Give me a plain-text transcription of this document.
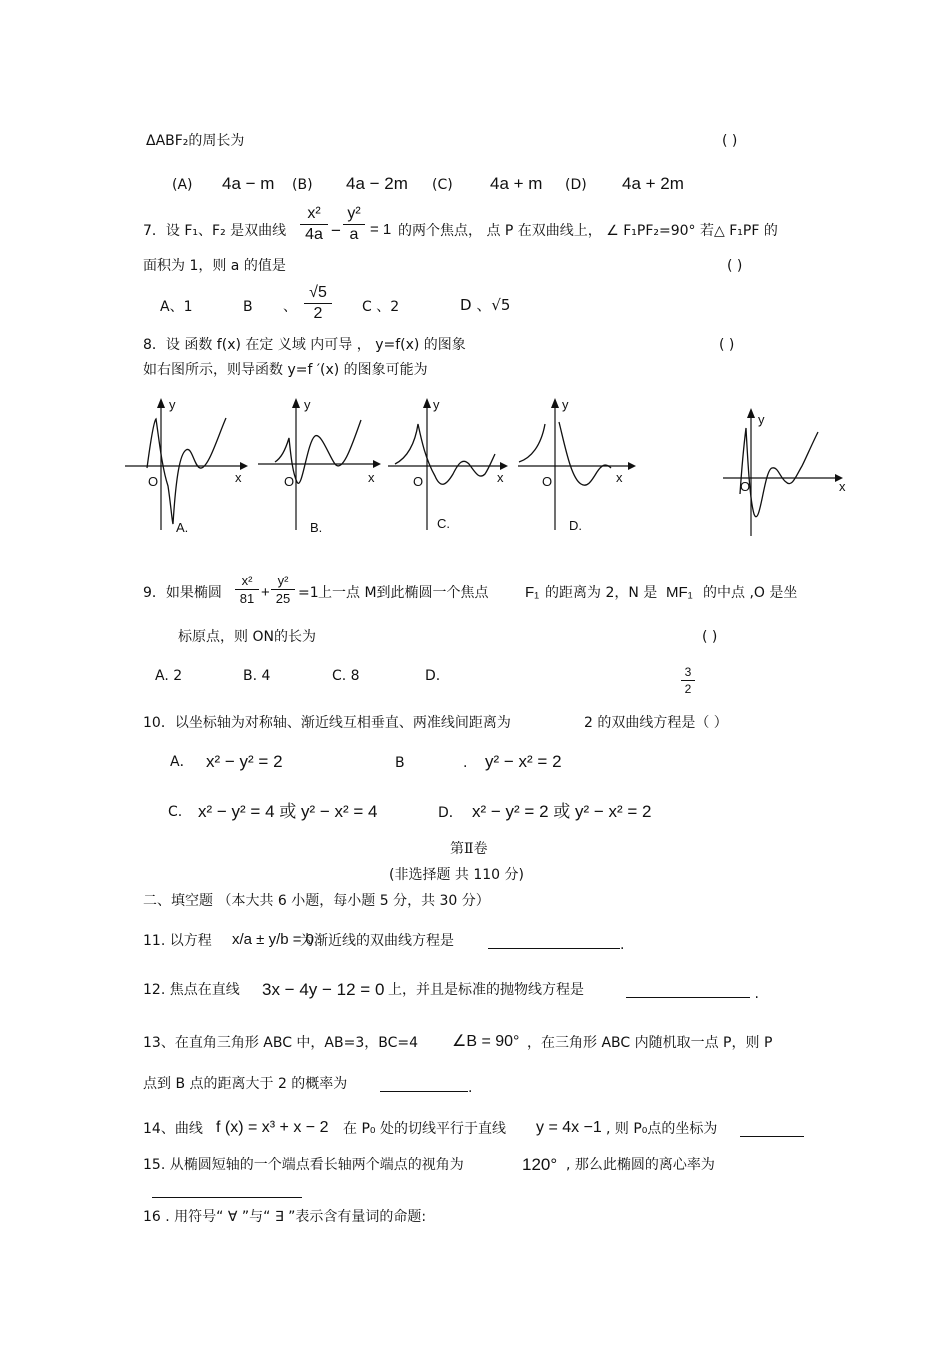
ΔABF₂的周长为	( )
(A) 4a − m (B) 4a − 2m (C) 4a + m (D) 4a + 2m
7．设 F₁、F₂ 是双曲线
x²
4a −
y²
a = 1 的两个焦点， 点 P 在双曲线上， ∠ F₁PF₂=90° 若△ F₁PF 的
面积为 1，则 a 的值是	( )
A、1	B 、
√5
2	C 、2	D 、√5
8．设 函数 f(x) 在定 义域 内可导 ， y=f(x) 的图象	( )
如右图所示，则导函数 y=f ′(x) 的图象可能为
y
x
O
A.
y
x
O
B.
y
x
O
C.
y
x
O
D.
y
x
O
9．如果椭圆
x²
81 +
y²
25 =1 上一点 M到此椭圆一个焦点 F₁ 的距离为 2，N 是 MF₁ 的中点 ,O 是坐
标原点，则 ON的长为	( )
A. 2	B. 4	C. 8	D.	3
2
10．以坐标轴为对称轴、渐近线互相垂直、两准线间距离为	2 的双曲线方程是（ ）
A． x² − y² = 2	B	. y² − x² = 2
C. x² − y² = 4 或 y² − x² = 4	D． x² − y² = 2 或 y² − x² = 2
第Ⅱ卷
(非选择题 共 110 分)
二、填空题 （本大共 6 小题，每小题 5 分，共 30 分）
11. 以方程 x/a ± y/b = 0
为渐近线的双曲线方程是	.
12. 焦点在直线 3x − 4y − 12 = 0 上，并且是标准的抛物线方程是	.
13、在直角三角形 ABC 中，AB=3，BC=4 ∠B = 90° ，在三角形 ABC 内随机取一点 P，则 P
点到 B 点的距离大于 2 的概率为	.
14、曲线 f (x) = x³ + x − 2 在 P₀ 处的切线平行于直线 y = 4x −1 , 则 P₀点的坐标为
15. 从椭圆短轴的一个端点看长轴两个端点的视角为	120° , 那么此椭圆的离心率为
16 . 用符号“ ∀ ”与“ ∃ ”表示含有量词的命题:
